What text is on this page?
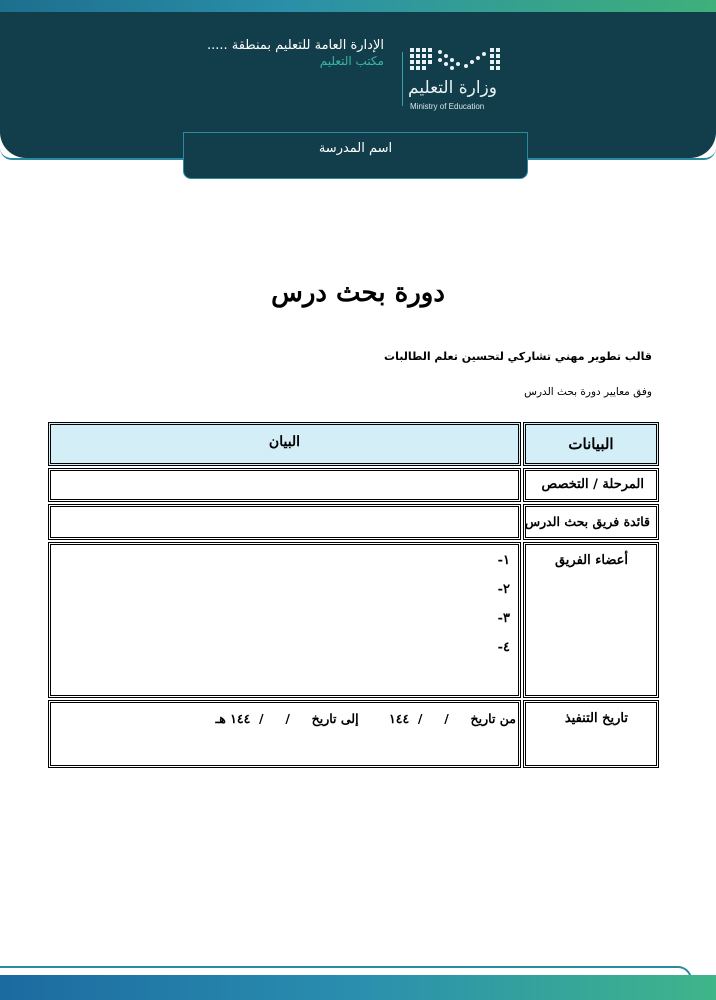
وزارة التعليم
Ministry of Education
الإدارة العامة للتعليم بمنطقة .....
مكتب التعليم
اسم المدرسة
دورة بحث درس
قالب تطوير مهني تشاركي لتحسين تعلم الطالبات
وفق معايير دورة بحث الدرس
البيانات
البيان
المرحلة / التخصص
قائدة فريق بحث الدرس
أعضاء الفريق
١-
٢-
٣-
٤-
تاريخ التنفيذ
من تاريخ     /     /  ١٤٤       إلى تاريخ     /     /  ١٤٤ هـ
